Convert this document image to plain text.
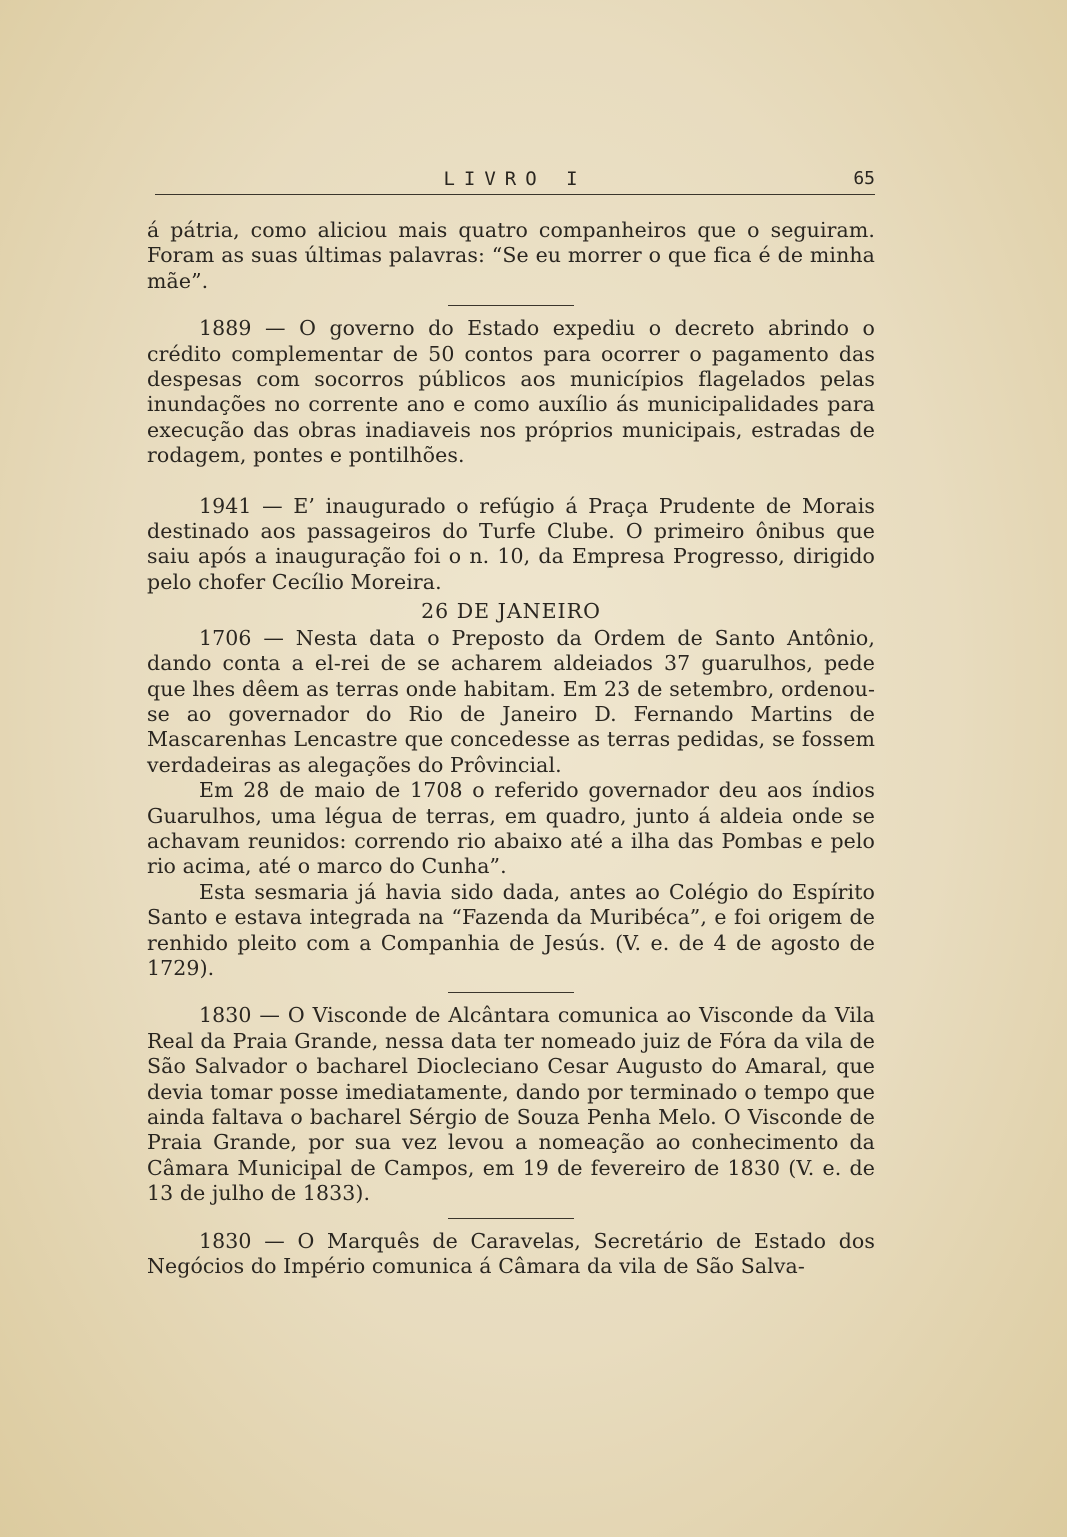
LIVRO I	65

á pátria, como aliciou mais quatro companheiros que o seguiram. Foram as suas últimas palavras: “Se eu morrer o que fica é de minha mãe”.

1889 — O governo do Estado expediu o decreto abrindo o crédito complementar de 50 contos para ocorrer o pagamento das despesas com socorros públicos aos municípios flagelados pelas inundações no corrente ano e como auxílio ás municipalidades para execução das obras inadiaveis nos próprios municipais, estradas de rodagem, pontes e pontilhões.

1941 — E’ inaugurado o refúgio á Praça Prudente de Morais destinado aos passageiros do Turfe Clube. O primeiro ônibus que saiu após a inauguração foi o n. 10, da Empresa Progresso, dirigido pelo chofer Cecílio Moreira.

26 DE JANEIRO

1706 — Nesta data o Preposto da Ordem de Santo Antônio, dando conta a el-rei de se acharem aldeiados 37 guarulhos, pede que lhes dêem as terras onde habitam. Em 23 de setembro, ordenou-se ao governador do Rio de Janeiro D. Fernando Martins de Mascarenhas Lencastre que concedesse as terras pedidas, se fossem verdadeiras as alegações do Prôvincial.

Em 28 de maio de 1708 o referido governador deu aos índios Guarulhos, uma légua de terras, em quadro, junto á aldeia onde se achavam reunidos: correndo rio abaixo até a ilha das Pombas e pelo rio acima, até o marco do Cunha”.

Esta sesmaria já havia sido dada, antes ao Colégio do Espírito Santo e estava integrada na “Fazenda da Muribéca”, e foi origem de renhido pleito com a Companhia de Jesús. (V. e. de 4 de agosto de 1729).

1830 — O Visconde de Alcântara comunica ao Visconde da Vila Real da Praia Grande, nessa data ter nomeado juiz de Fóra da vila de São Salvador o bacharel Diocleciano Cesar Augusto do Amaral, que devia tomar posse imediatamente, dando por terminado o tempo que ainda faltava o bacharel Sérgio de Souza Penha Melo. O Visconde de Praia Grande, por sua vez levou a nomeação ao conhecimento da Câmara Municipal de Campos, em 19 de fevereiro de 1830 (V. e. de 13 de julho de 1833).

1830 — O Marquês de Caravelas, Secretário de Estado dos Negócios do Império comunica á Câmara da vila de São Salva-
